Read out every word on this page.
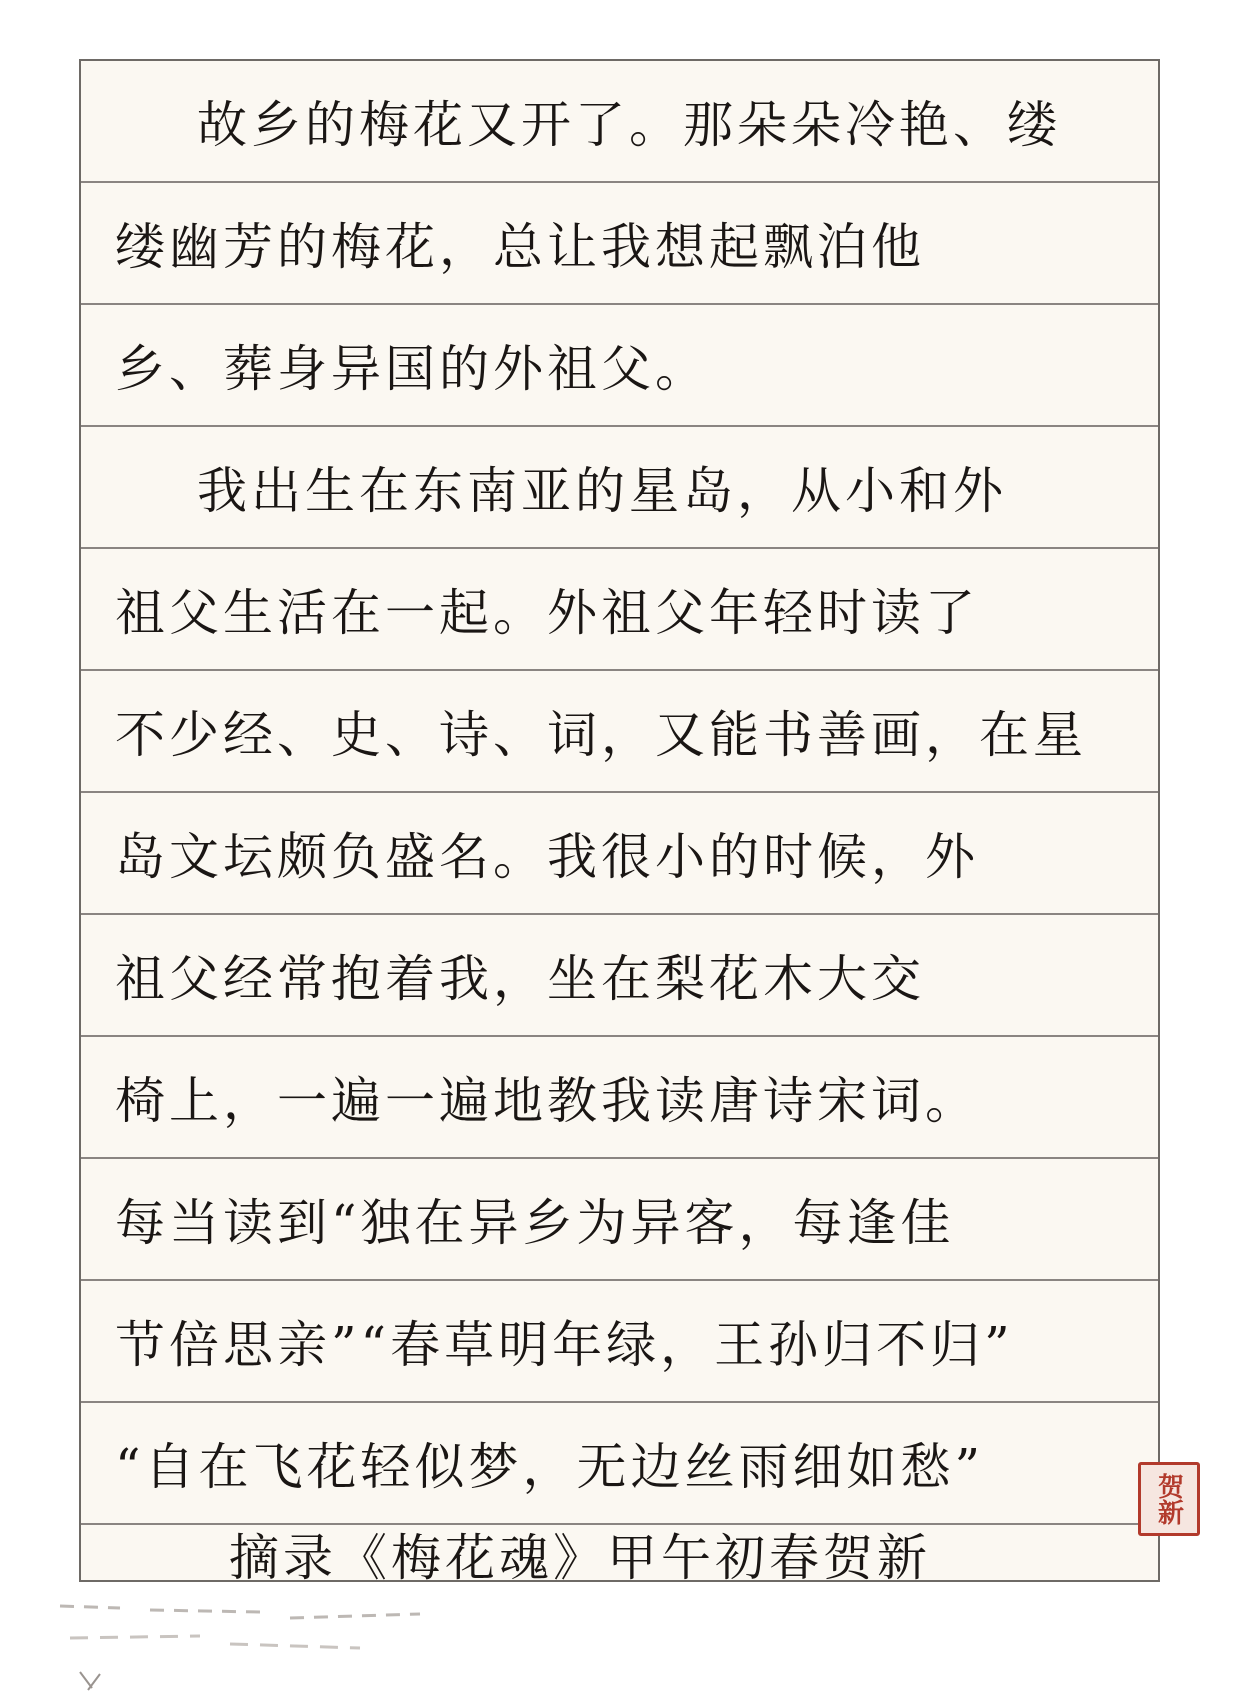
故乡的梅花又开了。那朵朵冷艳、缕
缕幽芳的梅花，总让我想起飘泊他
乡、葬身异国的外祖父。
我出生在东南亚的星岛，从小和外
祖父生活在一起。外祖父年轻时读了
不少经、史、诗、词，又能书善画，在星
岛文坛颇负盛名。我很小的时候，外
祖父经常抱着我，坐在梨花木大交
椅上，一遍一遍地教我读唐诗宋词。
每当读到“独在异乡为异客，每逢佳
节倍思亲”“春草明年绿，王孙归不归”
“自在飞花轻似梦，无边丝雨细如愁”
摘录《梅花魂》甲午初春贺新
贺新
